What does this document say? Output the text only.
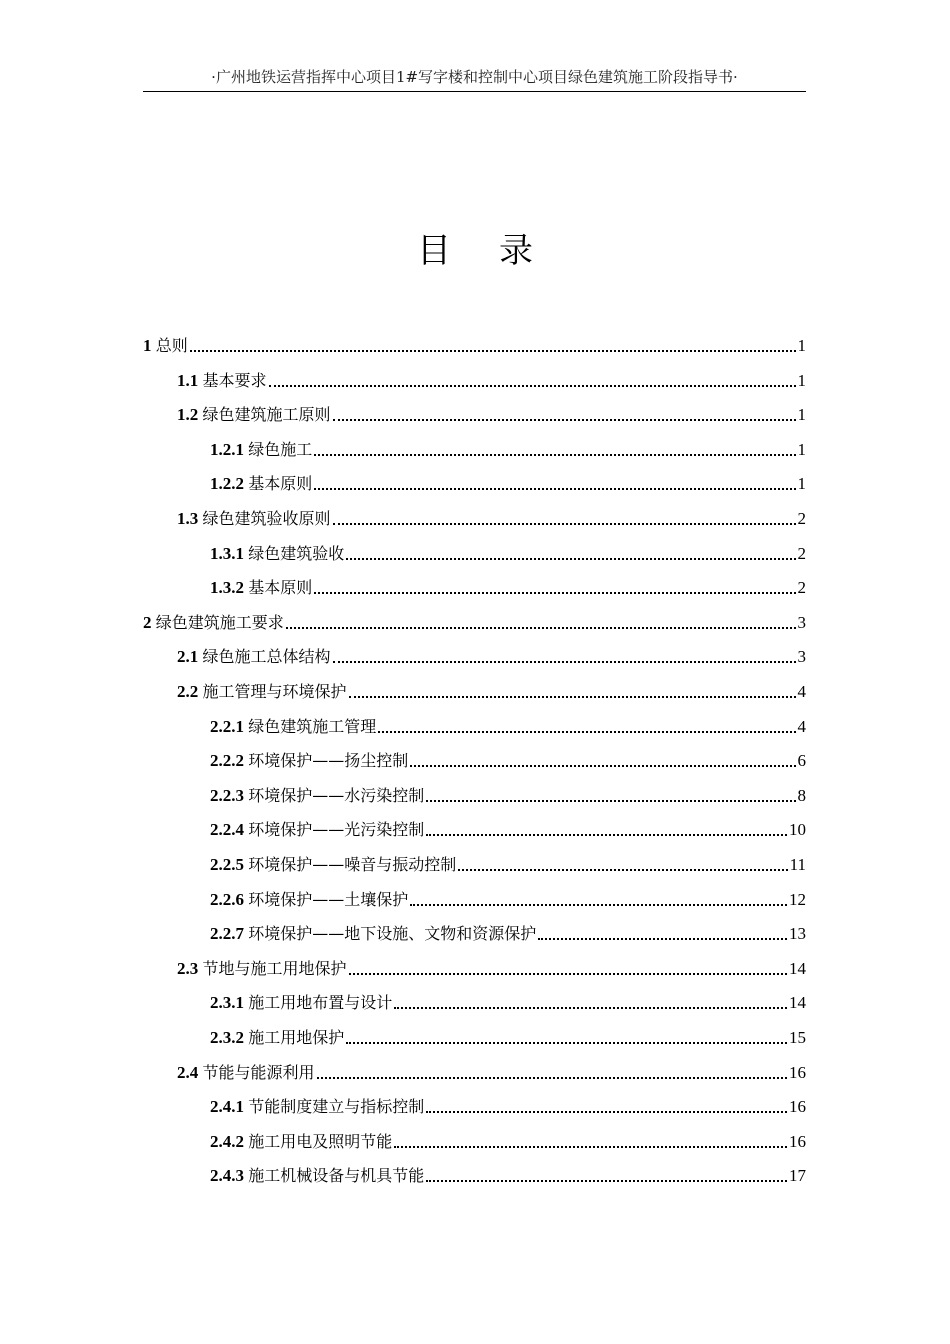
·广州地铁运营指挥中心项目1#写字楼和控制中心项目绿色建筑施工阶段指导书·
目录
1 总则	1
1.1 基本要求	1
1.2 绿色建筑施工原则	1
1.2.1 绿色施工	1
1.2.2 基本原则	1
1.3 绿色建筑验收原则	2
1.3.1 绿色建筑验收	2
1.3.2 基本原则	2
2 绿色建筑施工要求	3
2.1 绿色施工总体结构	3
2.2 施工管理与环境保护	4
2.2.1 绿色建筑施工管理	4
2.2.2 环境保护——扬尘控制	6
2.2.3 环境保护——水污染控制	8
2.2.4 环境保护——光污染控制	10
2.2.5 环境保护——噪音与振动控制	11
2.2.6 环境保护——土壤保护	12
2.2.7 环境保护——地下设施、文物和资源保护	13
2.3 节地与施工用地保护	14
2.3.1 施工用地布置与设计	14
2.3.2 施工用地保护	15
2.4 节能与能源利用	16
2.4.1 节能制度建立与指标控制	16
2.4.2 施工用电及照明节能	16
2.4.3 施工机械设备与机具节能	17
